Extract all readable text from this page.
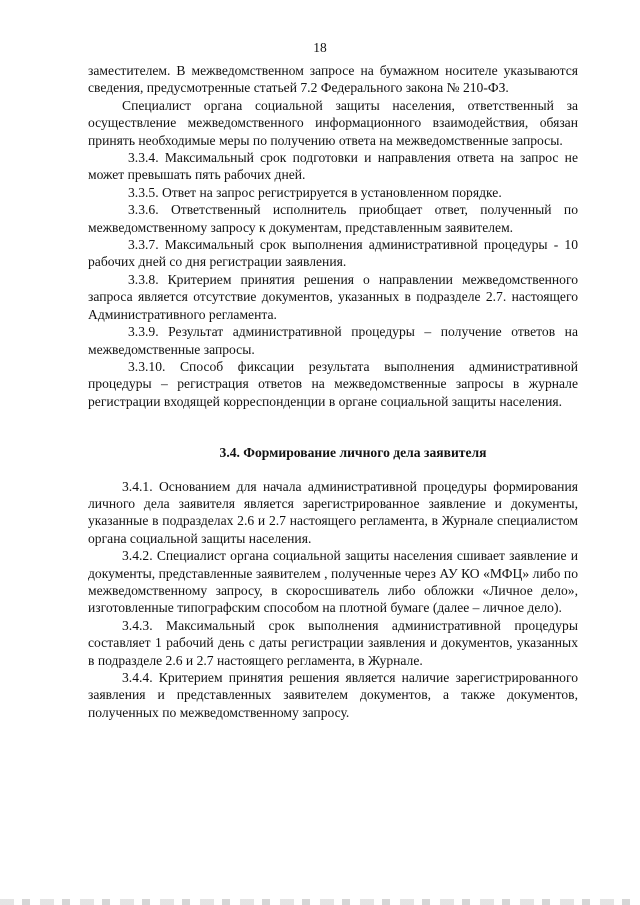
18

заместителем. В межведомственном запросе на бумажном носителе указываются сведения, предусмотренные статьей 7.2 Федерального закона № 210-ФЗ.

Специалист органа социальной защиты населения, ответственный за осуществление межведомственного информационного взаимодействия, обязан принять необходимые меры по получению ответа на межведомственные запросы.

3.3.4. Максимальный срок подготовки и направления ответа на запрос не может превышать пять рабочих дней.

3.3.5. Ответ на запрос регистрируется в установленном порядке.

3.3.6. Ответственный исполнитель приобщает ответ, полученный по межведомственному запросу к документам, представленным заявителем.

3.3.7. Максимальный срок выполнения административной процедуры - 10 рабочих дней со дня регистрации заявления.

3.3.8. Критерием принятия решения о направлении межведомственного запроса является отсутствие документов, указанных в подразделе 2.7. настоящего Административного регламента.

3.3.9. Результат административной процедуры – получение ответов на межведомственные запросы.

3.3.10. Способ фиксации результата выполнения административной процедуры – регистрация ответов на межведомственные запросы в журнале регистрации входящей корреспонденции в органе социальной защиты населения.

3.4. Формирование личного дела заявителя

3.4.1. Основанием для начала административной процедуры формирования личного дела заявителя является зарегистрированное заявление и документы, указанные в подразделах 2.6 и 2.7 настоящего регламента, в Журнале специалистом органа социальной защиты населения.

3.4.2. Специалист органа социальной защиты населения сшивает заявление и документы, представленные заявителем , полученные через АУ КО «МФЦ» либо по межведомственному запросу, в скоросшиватель либо обложки «Личное дело», изготовленные типографским способом на плотной бумаге (далее – личное дело).

3.4.3. Максимальный срок выполнения административной процедуры составляет 1 рабочий день с даты регистрации заявления и документов, указанных в подразделе 2.6 и 2.7 настоящего регламента, в Журнале.

3.4.4. Критерием принятия решения является наличие зарегистрированного заявления и представленных заявителем документов, а также документов, полученных по межведомственному запросу.
